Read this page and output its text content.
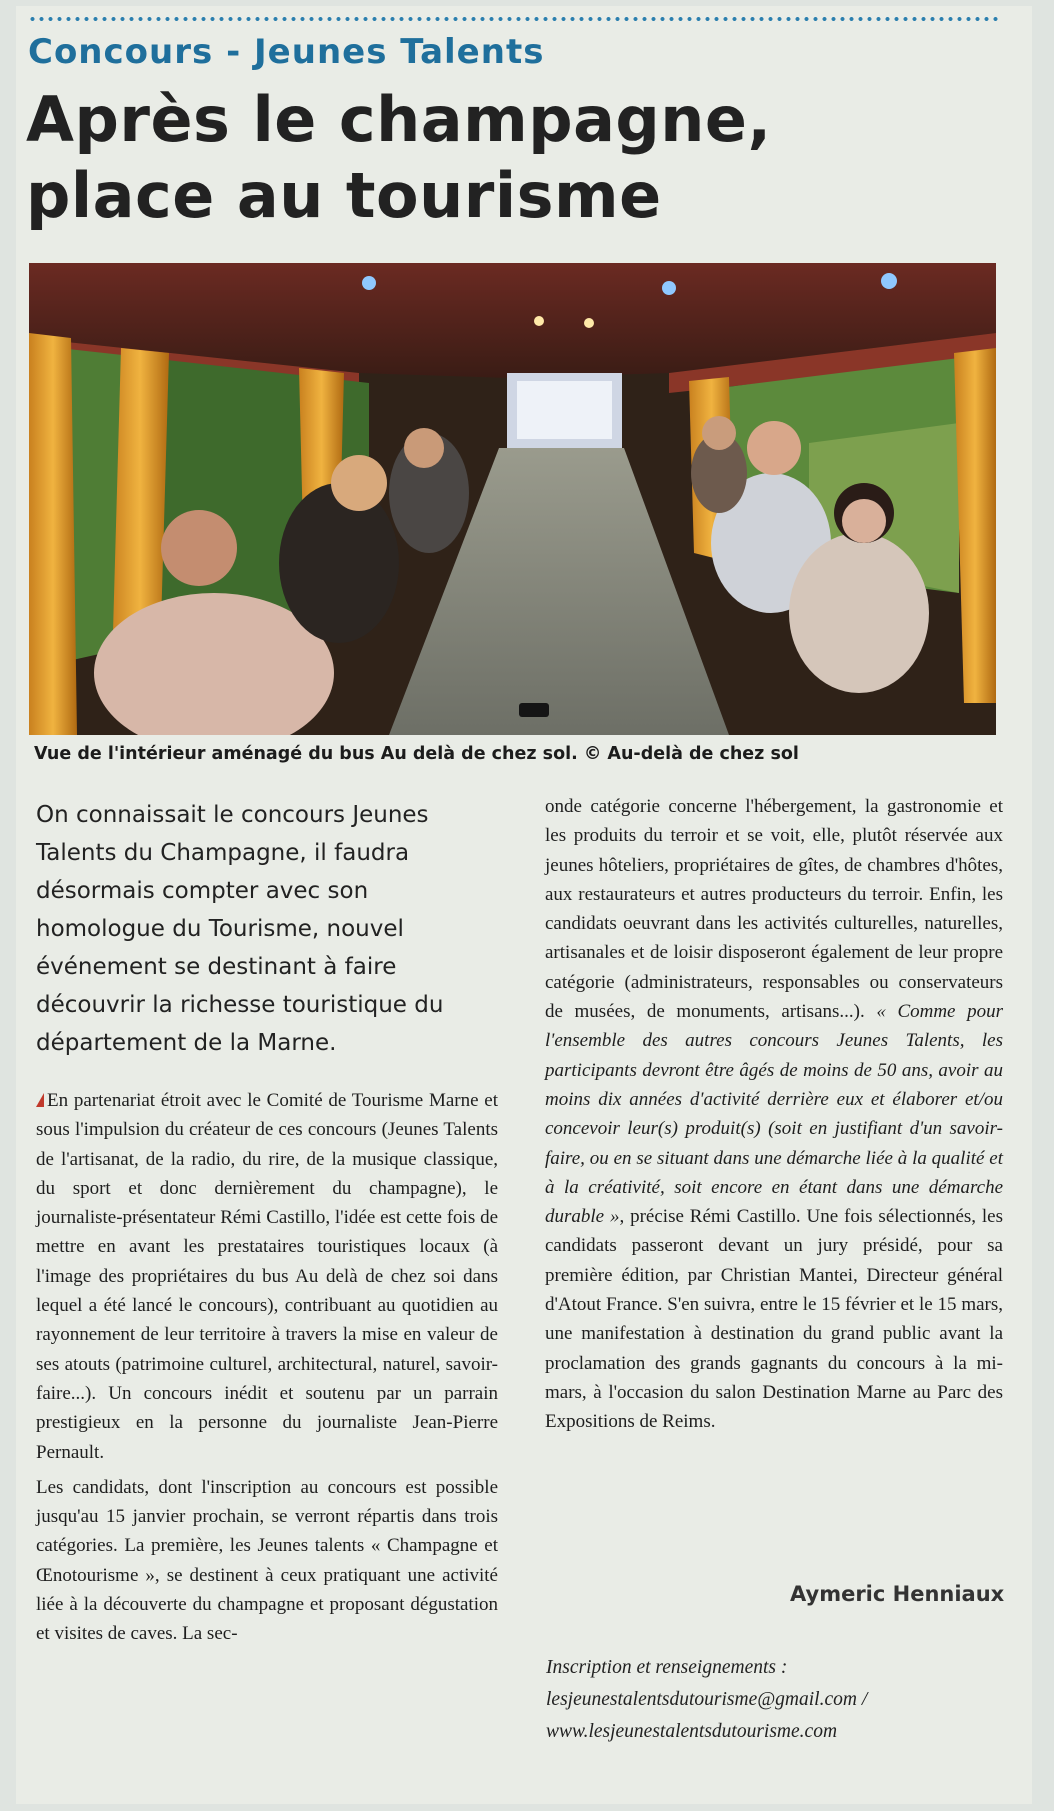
Concours - Jeunes Talents
Après le champagne,
place au tourisme

Vue de l'intérieur aménagé du bus Au delà de chez sol. © Au-delà de chez sol

On connaissait le concours Jeunes Talents du Champagne, il faudra désormais compter avec son homologue du Tourisme, nouvel événement se destinant à faire découvrir la richesse touristique du département de la Marne.

En partenariat étroit avec le Comité de Tourisme Marne et sous l'impulsion du créateur de ces concours (Jeunes Talents de l'artisanat, de la radio, du rire, de la musique classique, du sport et donc dernièrement du champagne), le journaliste-présentateur Rémi Castillo, l'idée est cette fois de mettre en avant les prestataires touristiques locaux (à l'image des propriétaires du bus Au delà de chez soi dans lequel a été lancé le concours), contribuant au quotidien au rayonnement de leur territoire à travers la mise en valeur de ses atouts (patrimoine culturel, architectural, naturel, savoir-faire...). Un concours inédit et soutenu par un parrain prestigieux en la personne du journaliste Jean-Pierre Pernault.

Les candidats, dont l'inscription au concours est possible jusqu'au 15 janvier prochain, se verront répartis dans trois catégories. La première, les Jeunes talents « Champagne et Œnotourisme », se destinent à ceux pratiquant une activité liée à la découverte du champagne et proposant dégustation et visites de caves. La sec-

onde catégorie concerne l'hébergement, la gastronomie et les produits du terroir et se voit, elle, plutôt réservée aux jeunes hôteliers, propriétaires de gîtes, de chambres d'hôtes, aux restaurateurs et autres producteurs du terroir. Enfin, les candidats oeuvrant dans les activités culturelles, naturelles, artisanales et de loisir disposeront également de leur propre catégorie (administrateurs, responsables ou conservateurs de musées, de monuments, artisans...). « Comme pour l'ensemble des autres concours Jeunes Talents, les participants devront être âgés de moins de 50 ans, avoir au moins dix années d'activité derrière eux et élaborer et/ou concevoir leur(s) produit(s) (soit en justifiant d'un savoir-faire, ou en se situant dans une démarche liée à la qualité et à la créativité, soit encore en étant dans une démarche durable », précise Rémi Castillo. Une fois sélectionnés, les candidats passeront devant un jury présidé, pour sa première édition, par Christian Mantei, Directeur général d'Atout France. S'en suivra, entre le 15 février et le 15 mars, une manifestation à destination du grand public avant la proclamation des grands gagnants du concours à la mi-mars, à l'occasion du salon Destination Marne au Parc des Expositions de Reims.

Aymeric Henniaux

Inscription et renseignements :
lesjeunestalentsdutourisme@gmail.com /
www.lesjeunestalentsdutourisme.com
